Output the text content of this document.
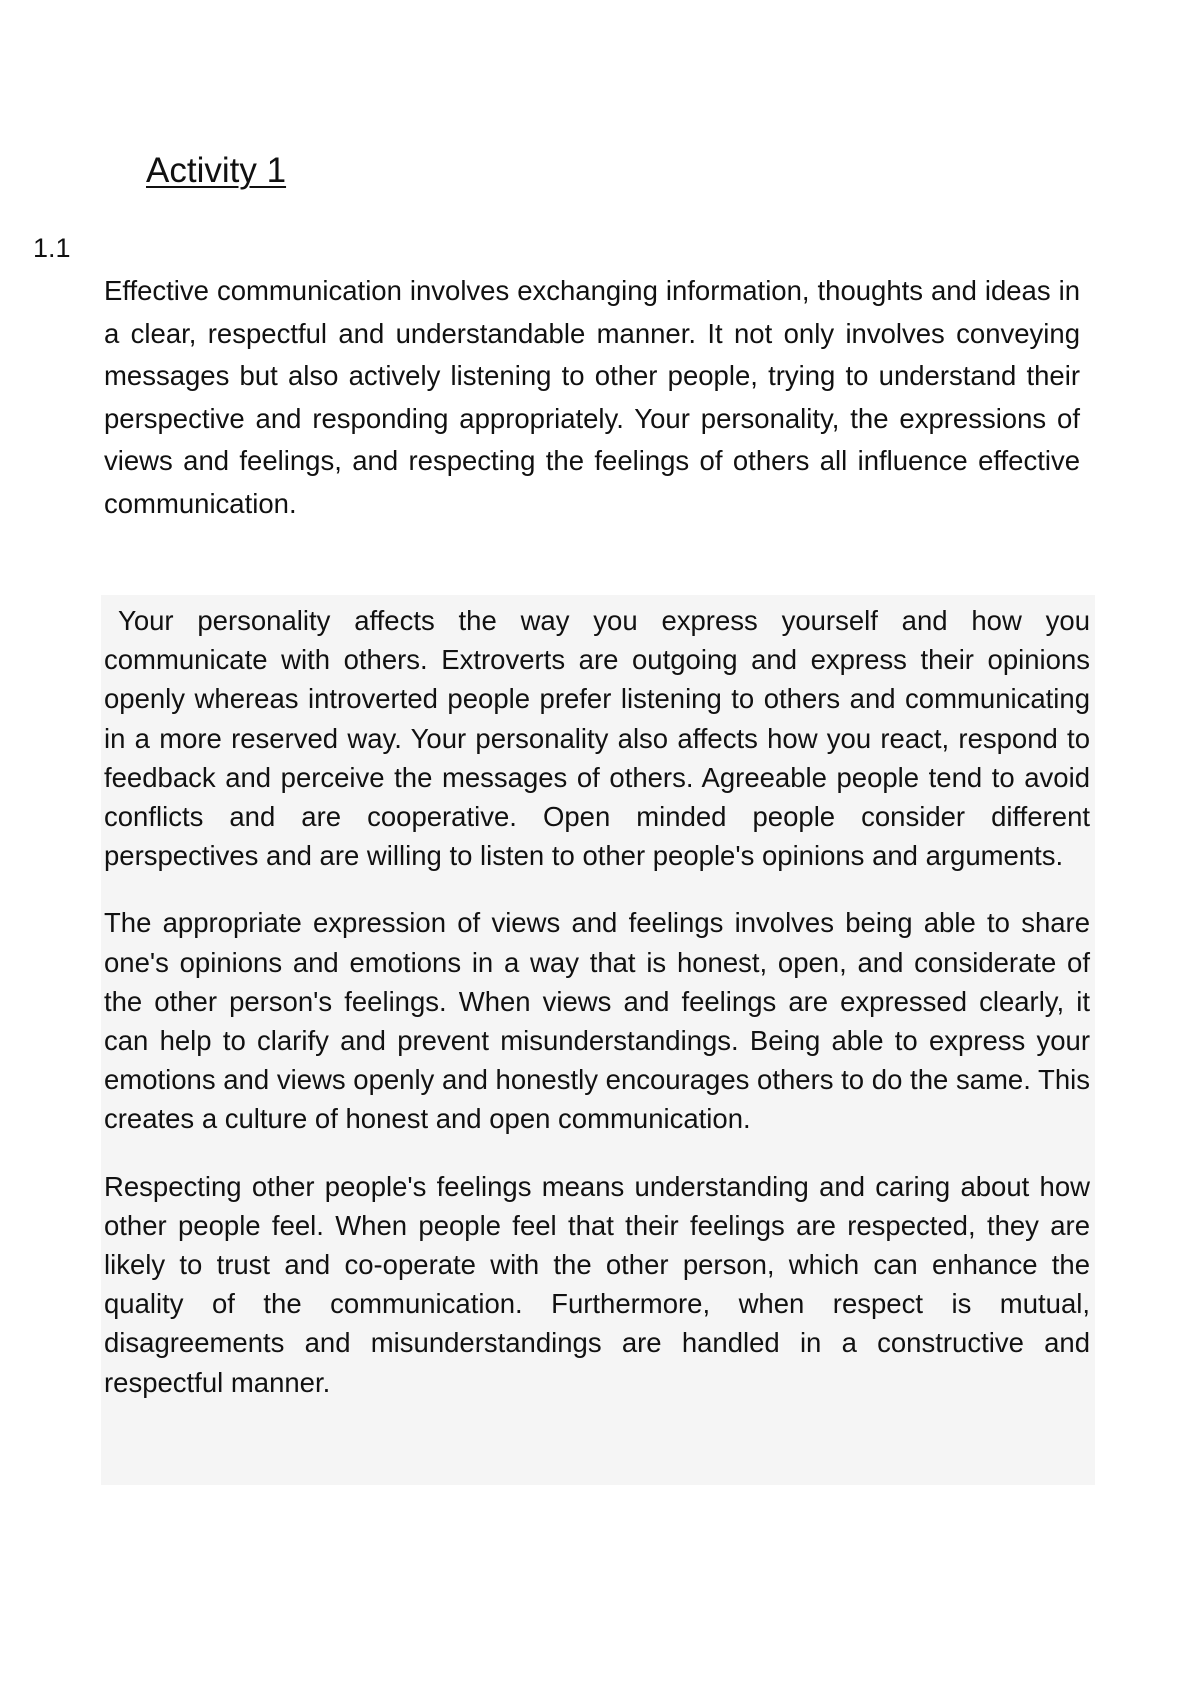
Activity 1
1.1

Effective communication involves exchanging information, thoughts and ideas in a clear, respectful and understandable manner. It not only involves conveying messages but also actively listening to other people, trying to understand their perspective and responding appropriately. Your personality, the expressions of views and feelings, and respecting the feelings of others all influence effective communication.

Your personality affects the way you express yourself and how you communicate with others. Extroverts are outgoing and express their opinions openly whereas introverted people prefer listening to others and communicating in a more reserved way. Your personality also affects how you react, respond to feedback and perceive the messages of others. Agreeable people tend to avoid conflicts and are cooperative. Open minded people consider different perspectives and are willing to listen to other people's opinions and arguments.

The appropriate expression of views and feelings involves being able to share one's opinions and emotions in a way that is honest, open, and considerate of the other person's feelings. When views and feelings are expressed clearly, it can help to clarify and prevent misunderstandings. Being able to express your emotions and views openly and honestly encourages others to do the same. This creates a culture of honest and open communication.

Respecting other people's feelings means understanding and caring about how other people feel. When people feel that their feelings are respected, they are likely to trust and co-operate with the other person, which can enhance the quality of the communication. Furthermore, when respect is mutual, disagreements and misunderstandings are handled in a constructive and respectful manner.
